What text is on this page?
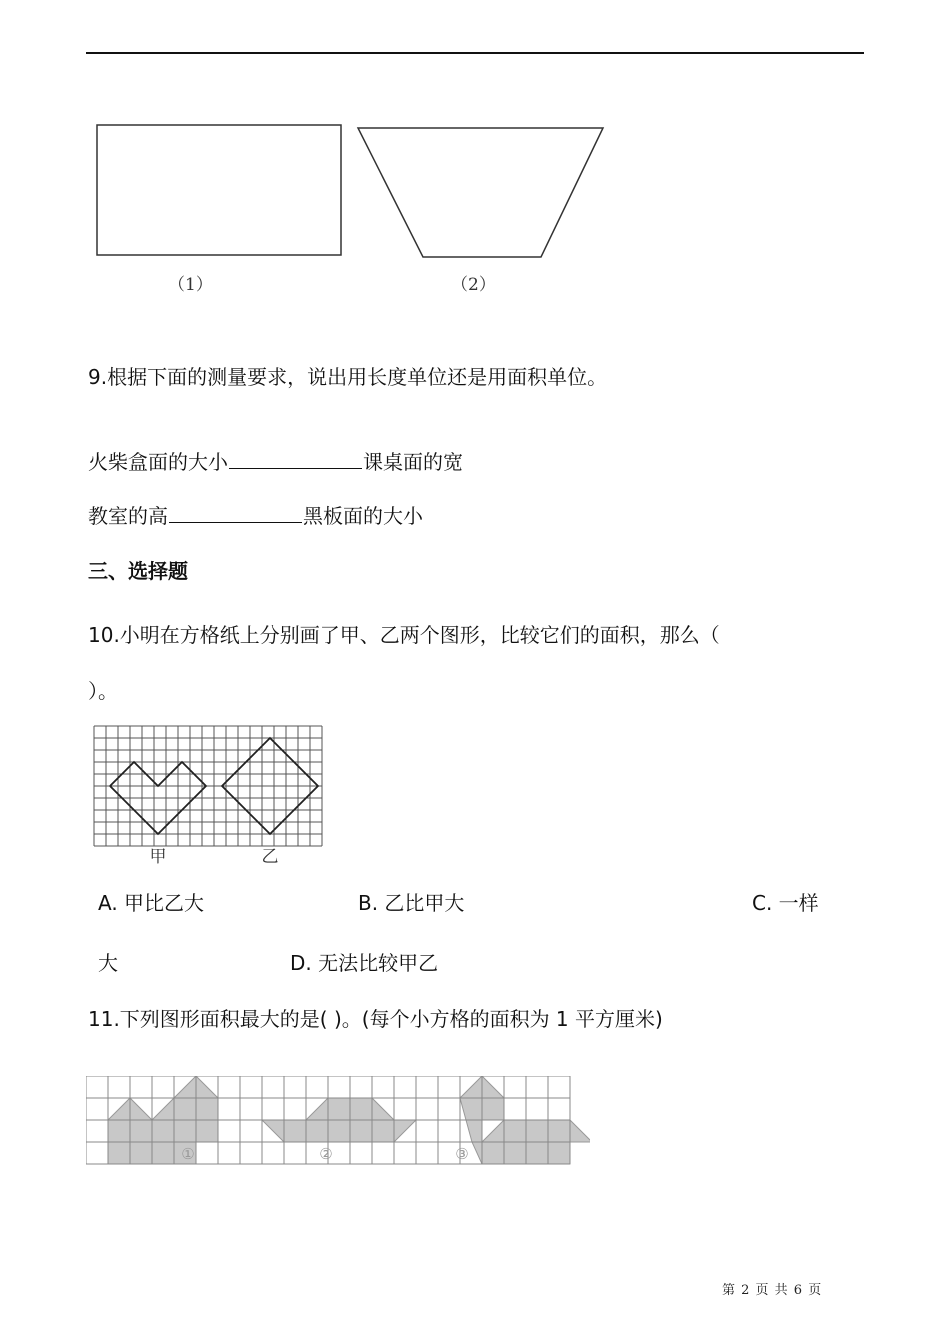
（1）	（2）
9.根据下面的测量要求，说出用长度单位还是用面积单位。
火柴盒面的大小	课桌面的宽
教室的高	黑板面的大小
三、选择题
10.小明在方格纸上分别画了甲、乙两个图形，比较它们的面积，那么（
）。
甲	乙
A. 甲比乙大	B. 乙比甲大	C. 一样
大	D. 无法比较甲乙
11.下列图形面积最大的是( )。(每个小方格的面积为 1 平方厘米)
①	②	③
第 2 页 共 6 页
